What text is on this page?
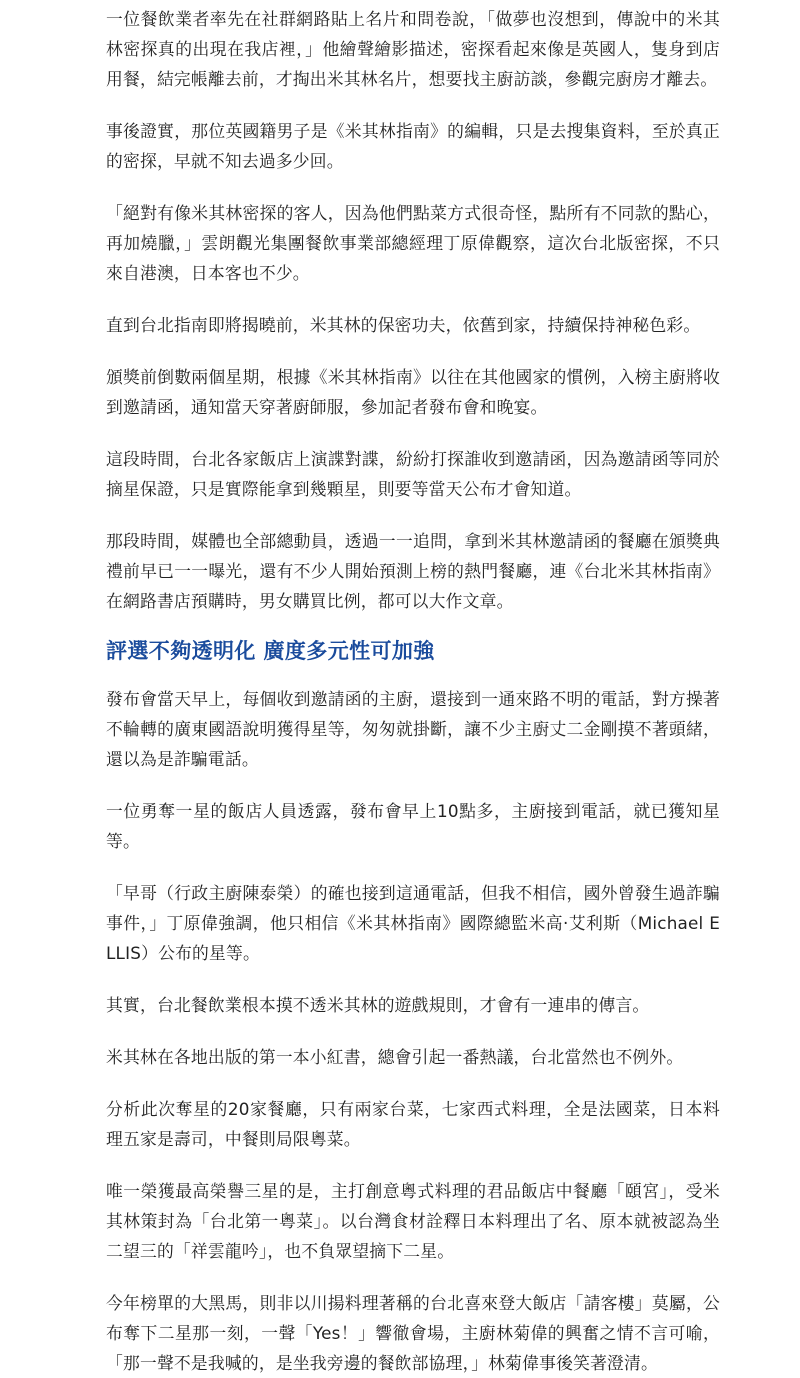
一位餐飲業者率先在社群網路貼上名片和問卷說，「做夢也沒想到，傳說中的米其林密探真的出現在我店裡，」他繪聲繪影描述，密探看起來像是英國人，隻身到店用餐，結完帳離去前，才掏出米其林名片，想要找主廚訪談，參觀完廚房才離去。

事後證實，那位英國籍男子是《米其林指南》的編輯，只是去搜集資料，至於真正的密探，早就不知去過多少回。

「絕對有像米其林密探的客人，因為他們點菜方式很奇怪，點所有不同款的點心，再加燒臘，」雲朗觀光集團餐飲事業部總經理丁原偉觀察，這次台北版密探，不只來自港澳，日本客也不少。

直到台北指南即將揭曉前，米其林的保密功夫，依舊到家，持續保持神秘色彩。

頒獎前倒數兩個星期，根據《米其林指南》以往在其他國家的慣例，入榜主廚將收到邀請函，通知當天穿著廚師服，參加記者發布會和晚宴。

這段時間，台北各家飯店上演諜對諜，紛紛打探誰收到邀請函，因為邀請函等同於摘星保證，只是實際能拿到幾顆星，則要等當天公布才會知道。

那段時間，媒體也全部總動員，透過一一追問，拿到米其林邀請函的餐廳在頒獎典禮前早已一一曝光，還有不少人開始預測上榜的熱門餐廳，連《台北米其林指南》在網路書店預購時，男女購買比例，都可以大作文章。

評選不夠透明化 廣度多元性可加強

發布會當天早上，每個收到邀請函的主廚，還接到一通來路不明的電話，對方操著不輪轉的廣東國語說明獲得星等，匆匆就掛斷，讓不少主廚丈二金剛摸不著頭緒，還以為是詐騙電話。

一位勇奪一星的飯店人員透露，發布會早上10點多，主廚接到電話，就已獲知星等。

「早哥（行政主廚陳泰榮）的確也接到這通電話，但我不相信，國外曾發生過詐騙事件，」丁原偉強調，他只相信《米其林指南》國際總監米高‧艾利斯（Michael ELLIS）公布的星等。

其實，台北餐飲業根本摸不透米其林的遊戲規則，才會有一連串的傳言。

米其林在各地出版的第一本小紅書，總會引起一番熱議，台北當然也不例外。

分析此次奪星的20家餐廳，只有兩家台菜，七家西式料理，全是法國菜，日本料理五家是壽司，中餐則局限粵菜。

唯一榮獲最高榮譽三星的是，主打創意粵式料理的君品飯店中餐廳「頤宮」，受米其林策封為「台北第一粵菜」。以台灣食材詮釋日本料理出了名、原本就被認為坐二望三的「祥雲龍吟」，也不負眾望摘下二星。

今年榜單的大黑馬，則非以川揚料理著稱的台北喜來登大飯店「請客樓」莫屬，公布奪下二星那一刻，一聲「Yes！」響徹會場，主廚林菊偉的興奮之情不言可喻，「那一聲不是我喊的，是坐我旁邊的餐飲部協理，」林菊偉事後笑著澄清。
